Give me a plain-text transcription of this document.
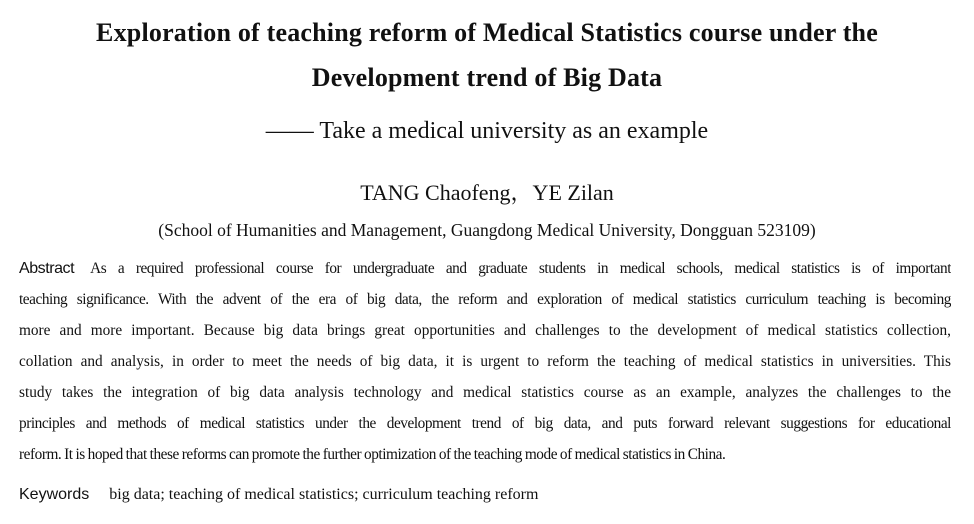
Exploration of teaching reform of Medical Statistics course under the
Development trend of Big Data
—— Take a medical university as an example
TANG Chaofeng，YE Zilan
(School of Humanities and Management, Guangdong Medical University, Dongguan 523109)
Abstract As a required professional course for undergraduate and graduate students in medical schools, medical statistics is of important
teaching significance. With the advent of the era of big data, the reform and exploration of medical statistics curriculum teaching is becoming
more and more important. Because big data brings great opportunities and challenges to the development of medical statistics collection,
collation and analysis, in order to meet the needs of big data, it is urgent to reform the teaching of medical statistics in universities. This
study takes the integration of big data analysis technology and medical statistics course as an example, analyzes the challenges to the
principles and methods of medical statistics under the development trend of big data, and puts forward relevant suggestions for educational
reform. It is hoped that these reforms can promote the further optimization of the teaching mode of medical statistics in China.
Keywords big data; teaching of medical statistics; curriculum teaching reform
